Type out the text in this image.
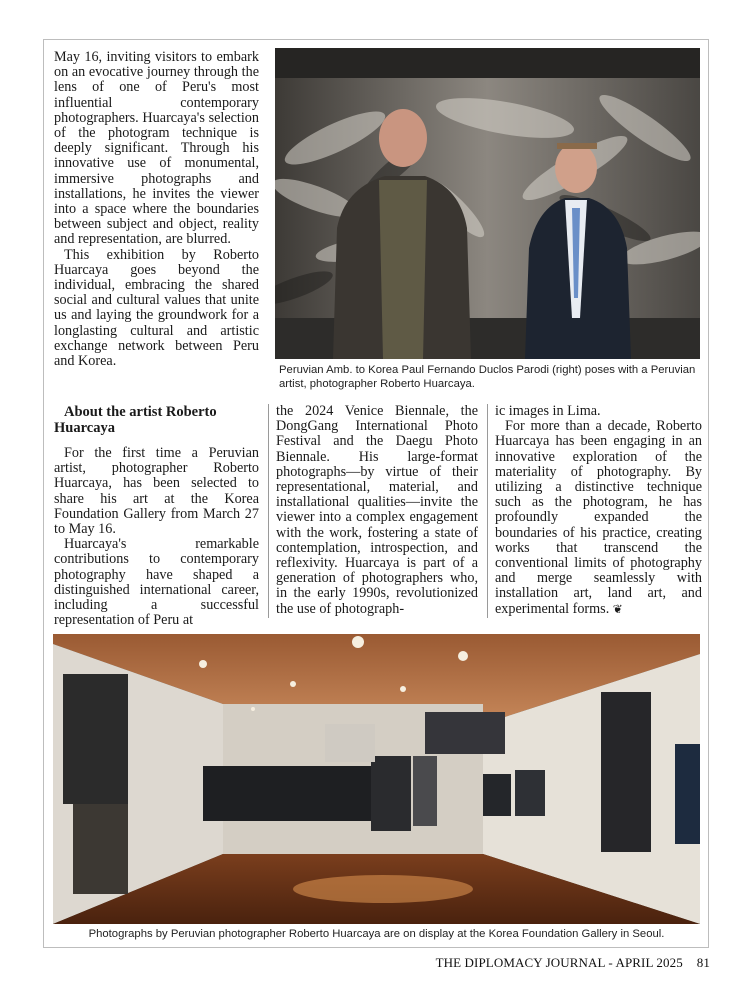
May 16, inviting visitors to embark on an evocative journey through the lens of one of Peru's most influential contemporary photographers. Huarcaya's selection of the photogram technique is deeply significant. Through his innovative use of monumental, immersive photographs and installations, he invites the viewer into a space where the boundaries between subject and object, reality and representation, are blurred.

This exhibition by Roberto Huarcaya goes beyond the individual, embracing the shared social and cultural values that unite us and laying the groundwork for a longlasting cultural and artistic exchange network between Peru and Korea.

Peruvian Amb. to Korea Paul Fernando Duclos Parodi (right) poses with a Peruvian artist, photographer Roberto Huarcaya.
About the artist Roberto Huarcaya

For the first time a Peruvian artist, photographer Roberto Huarcaya, has been selected to share his art at the Korea Foundation Gallery from March 27 to May 16.

Huarcaya's remarkable contributions to contemporary photography have shaped a distinguished international career, including a successful representation of Peru at

the 2024 Venice Biennale, the DongGang International Photo Festival and the Daegu Photo Biennale. His large-format photographs—by virtue of their representational, material, and installational qualities—invite the viewer into a complex engagement with the work, fostering a state of contemplation, introspection, and reflexivity. Huarcaya is part of a generation of photographers who, in the early 1990s, revolutionized the use of photograph-

ic images in Lima.

For more than a decade, Roberto Huarcaya has been engaging in an innovative exploration of the materiality of photography. By utilizing a distinctive technique such as the photogram, he has profoundly expanded the boundaries of his practice, creating works that transcend the conventional limits of photography and merge seamlessly with installation art, land art, and experimental forms. ❦

Photographs by Peruvian photographer Roberto Huarcaya are on display at the Korea Foundation Gallery in Seoul.
THE DIPLOMACY JOURNAL - APRIL 2025 81
